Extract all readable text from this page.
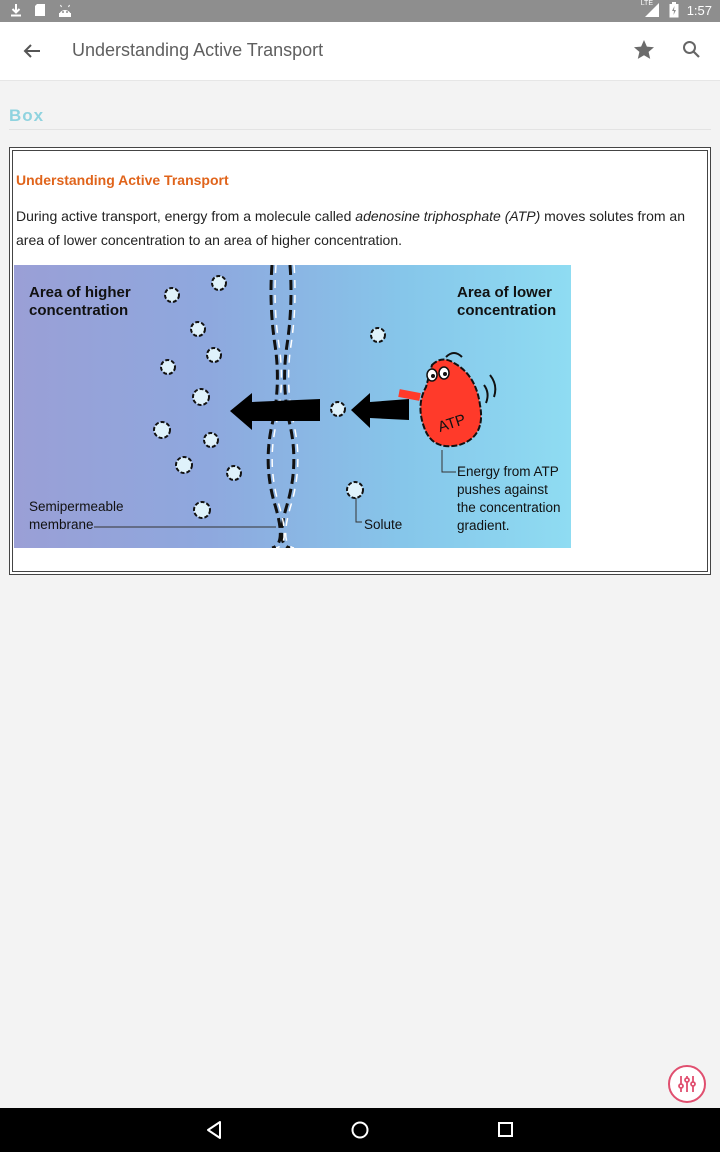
LTE	1:57
Understanding Active Transport
Box
Understanding Active Transport
During active transport, energy from a molecule called adenosine triphosphate (ATP) moves solutes from an area of lower concentration to an area of higher concentration.
Area of higher
concentration
Area of lower
concentration
Semipermeable
membrane	Solute
ATP
Energy from ATP
pushes against
the concentration
gradient.
